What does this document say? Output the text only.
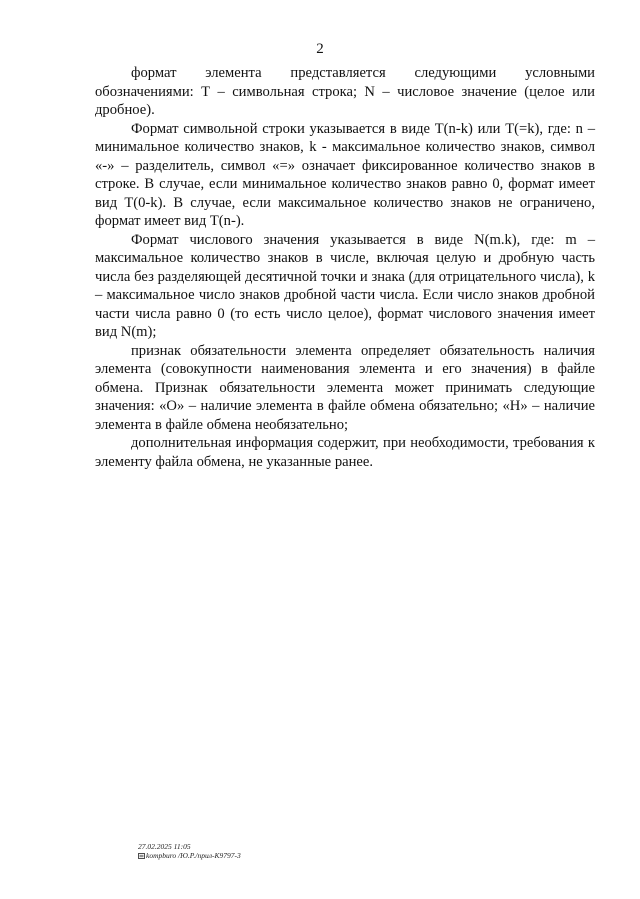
2

формат элемента представляется следующими условными обозначениями: Т – символьная строка; N – числовое значение (целое или дробное).

Формат символьной строки указывается в виде T(n-k) или T(=k), где: n – минимальное количество знаков, k - максимальное количество знаков, символ «-» – разделитель, символ «=» означает фиксированное количество знаков в строке. В случае, если минимальное количество знаков равно 0, формат имеет вид T(0-k). В случае, если максимальное количество знаков не ограничено, формат имеет вид T(n-).

Формат числового значения указывается в виде N(m.k), где: m – максимальное количество знаков в числе, включая целую и дробную часть числа без разделяющей десятичной точки и знака (для отрицательного числа), k – максимальное число знаков дробной части числа. Если число знаков дробной части числа равно 0 (то есть число целое), формат числового значения имеет вид N(m);

признак обязательности элемента определяет обязательность наличия элемента (совокупности наименования элемента и его значения) в файле обмена. Признак обязательности элемента может принимать следующие значения: «О» – наличие элемента в файле обмена обязательно; «Н» – наличие элемента в файле обмена необязательно;

дополнительная информация содержит, при необходимости, требования к элементу файла обмена, не указанные ранее.

27.02.2025 11:05
kompburo /Ю.Р./прил-К9797-3
